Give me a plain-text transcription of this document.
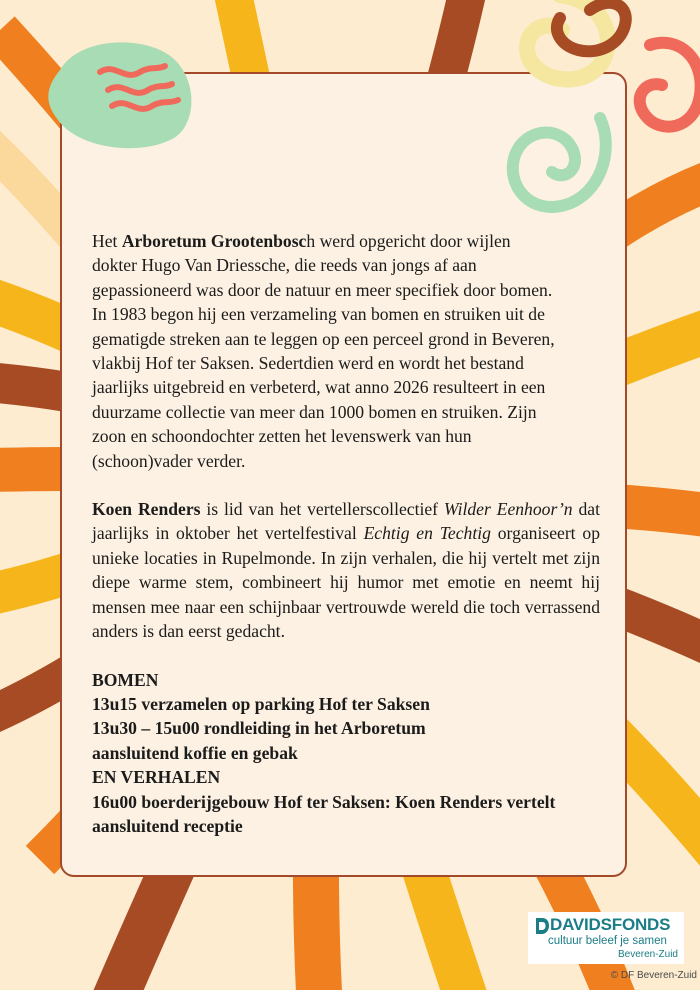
Het Arboretum Grootenbosch werd opgericht door wijlen
dokter Hugo Van Driessche, die reeds van jongs af aan
gepassioneerd was door de natuur en meer specifiek door bomen.
In 1983 begon hij een verzameling van bomen en struiken uit de
gematigde streken aan te leggen op een perceel grond in Beveren,
vlakbij Hof ter Saksen. Sedertdien werd en wordt het bestand
jaarlijks uitgebreid en verbeterd, wat anno 2026 resulteert in een
duurzame collectie van meer dan 1000 bomen en struiken. Zijn
zoon en schoondochter zetten het levenswerk van hun
(schoon)vader verder.

Koen Renders is lid van het vertellerscollectief Wilder Eenhoor’n dat jaarlijks in oktober het vertelfestival Echtig en Techtig organiseert op unieke locaties in Rupelmonde. In zijn verhalen, die hij vertelt met zijn diepe warme stem, combineert hij humor met emotie en neemt hij mensen mee naar een schijnbaar vertrouwde wereld die toch verrassend anders is dan eerst gedacht.

BOMEN
13u15 verzamelen op parking Hof ter Saksen
13u30 – 15u00 rondleiding in het Arboretum
aansluitend koffie en gebak
EN VERHALEN
16u00 boerderijgebouw Hof ter Saksen: Koen Renders vertelt
aansluitend receptie
DAVIDSFONDS
cultuur beleef je samen
Beveren-Zuid
© DF Beveren-Zuid
